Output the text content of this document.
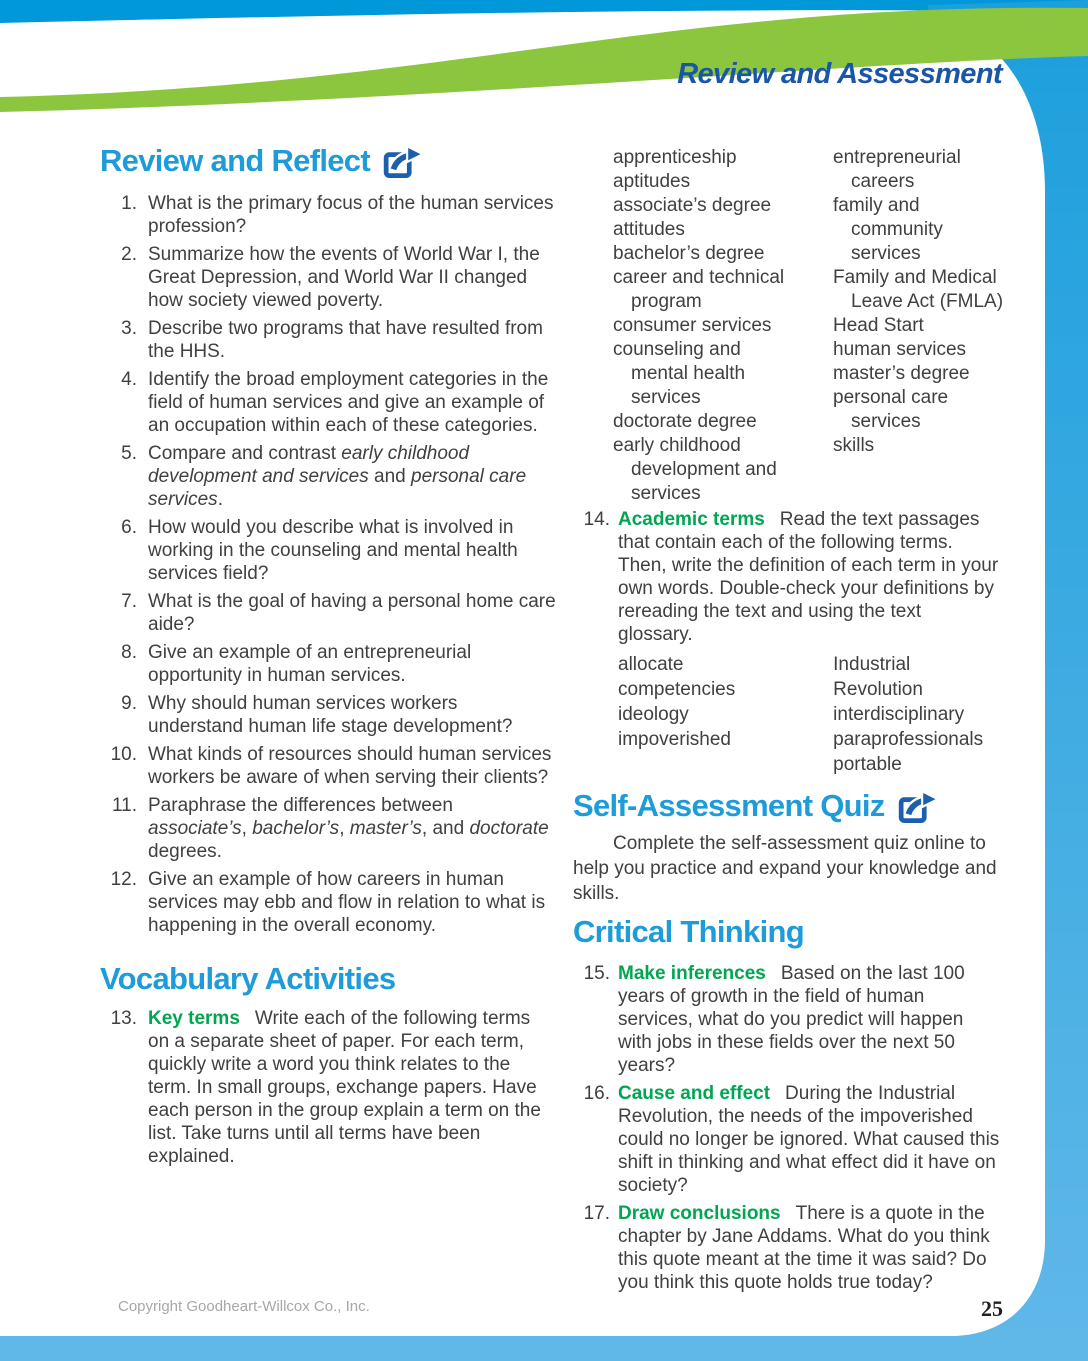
Review and Assessment
Review and Reflect
1. What is the primary focus of the human services profession?
2. Summarize how the events of World War I, the Great Depression, and World War II changed how society viewed poverty.
3. Describe two programs that have resulted from the HHS.
4. Identify the broad employment categories in the field of human services and give an example of an occupation within each of these categories.
5. Compare and contrast early childhood development and services and personal care services.
6. How would you describe what is involved in working in the counseling and mental health services field?
7. What is the goal of having a personal home care aide?
8. Give an example of an entrepreneurial opportunity in human services.
9. Why should human services workers understand human life stage development?
10. What kinds of resources should human services workers be aware of when serving their clients?
11. Paraphrase the differences between associate’s, bachelor’s, master’s, and doctorate degrees.
12. Give an example of how careers in human services may ebb and flow in relation to what is happening in the overall economy.
Vocabulary Activities
13. Key terms Write each of the following terms on a separate sheet of paper. For each term, quickly write a word you think relates to the term. In small groups, exchange papers. Have each person in the group explain a term on the list. Take turns until all terms have been explained.
apprenticeship
aptitudes
associate’s degree
attitudes
bachelor’s degree
career and technical
program
consumer services
counseling and
mental health
services
doctorate degree
early childhood
development and
services
entrepreneurial
careers
family and
community
services
Family and Medical
Leave Act (FMLA)
Head Start
human services
master’s degree
personal care
services
skills
14. Academic terms Read the text passages that contain each of the following terms. Then, write the definition of each term in your own words. Double-check your definitions by rereading the text and using the text glossary.
allocate
competencies
ideology
impoverished
Industrial Revolution
interdisciplinary
paraprofessionals
portable
Self-Assessment Quiz

Complete the self-assessment quiz online to help you practice and expand your knowledge and skills.

Critical Thinking
15. Make inferences Based on the last 100 years of growth in the field of human services, what do you predict will happen with jobs in these fields over the next 50 years?
16. Cause and effect During the Industrial Revolution, the needs of the impoverished could no longer be ignored. What caused this shift in thinking and what effect did it have on society?
17. Draw conclusions There is a quote in the chapter by Jane Addams. What do you think this quote meant at the time it was said? Do you think this quote holds true today?
Copyright Goodheart-Willcox Co., Inc.	25
